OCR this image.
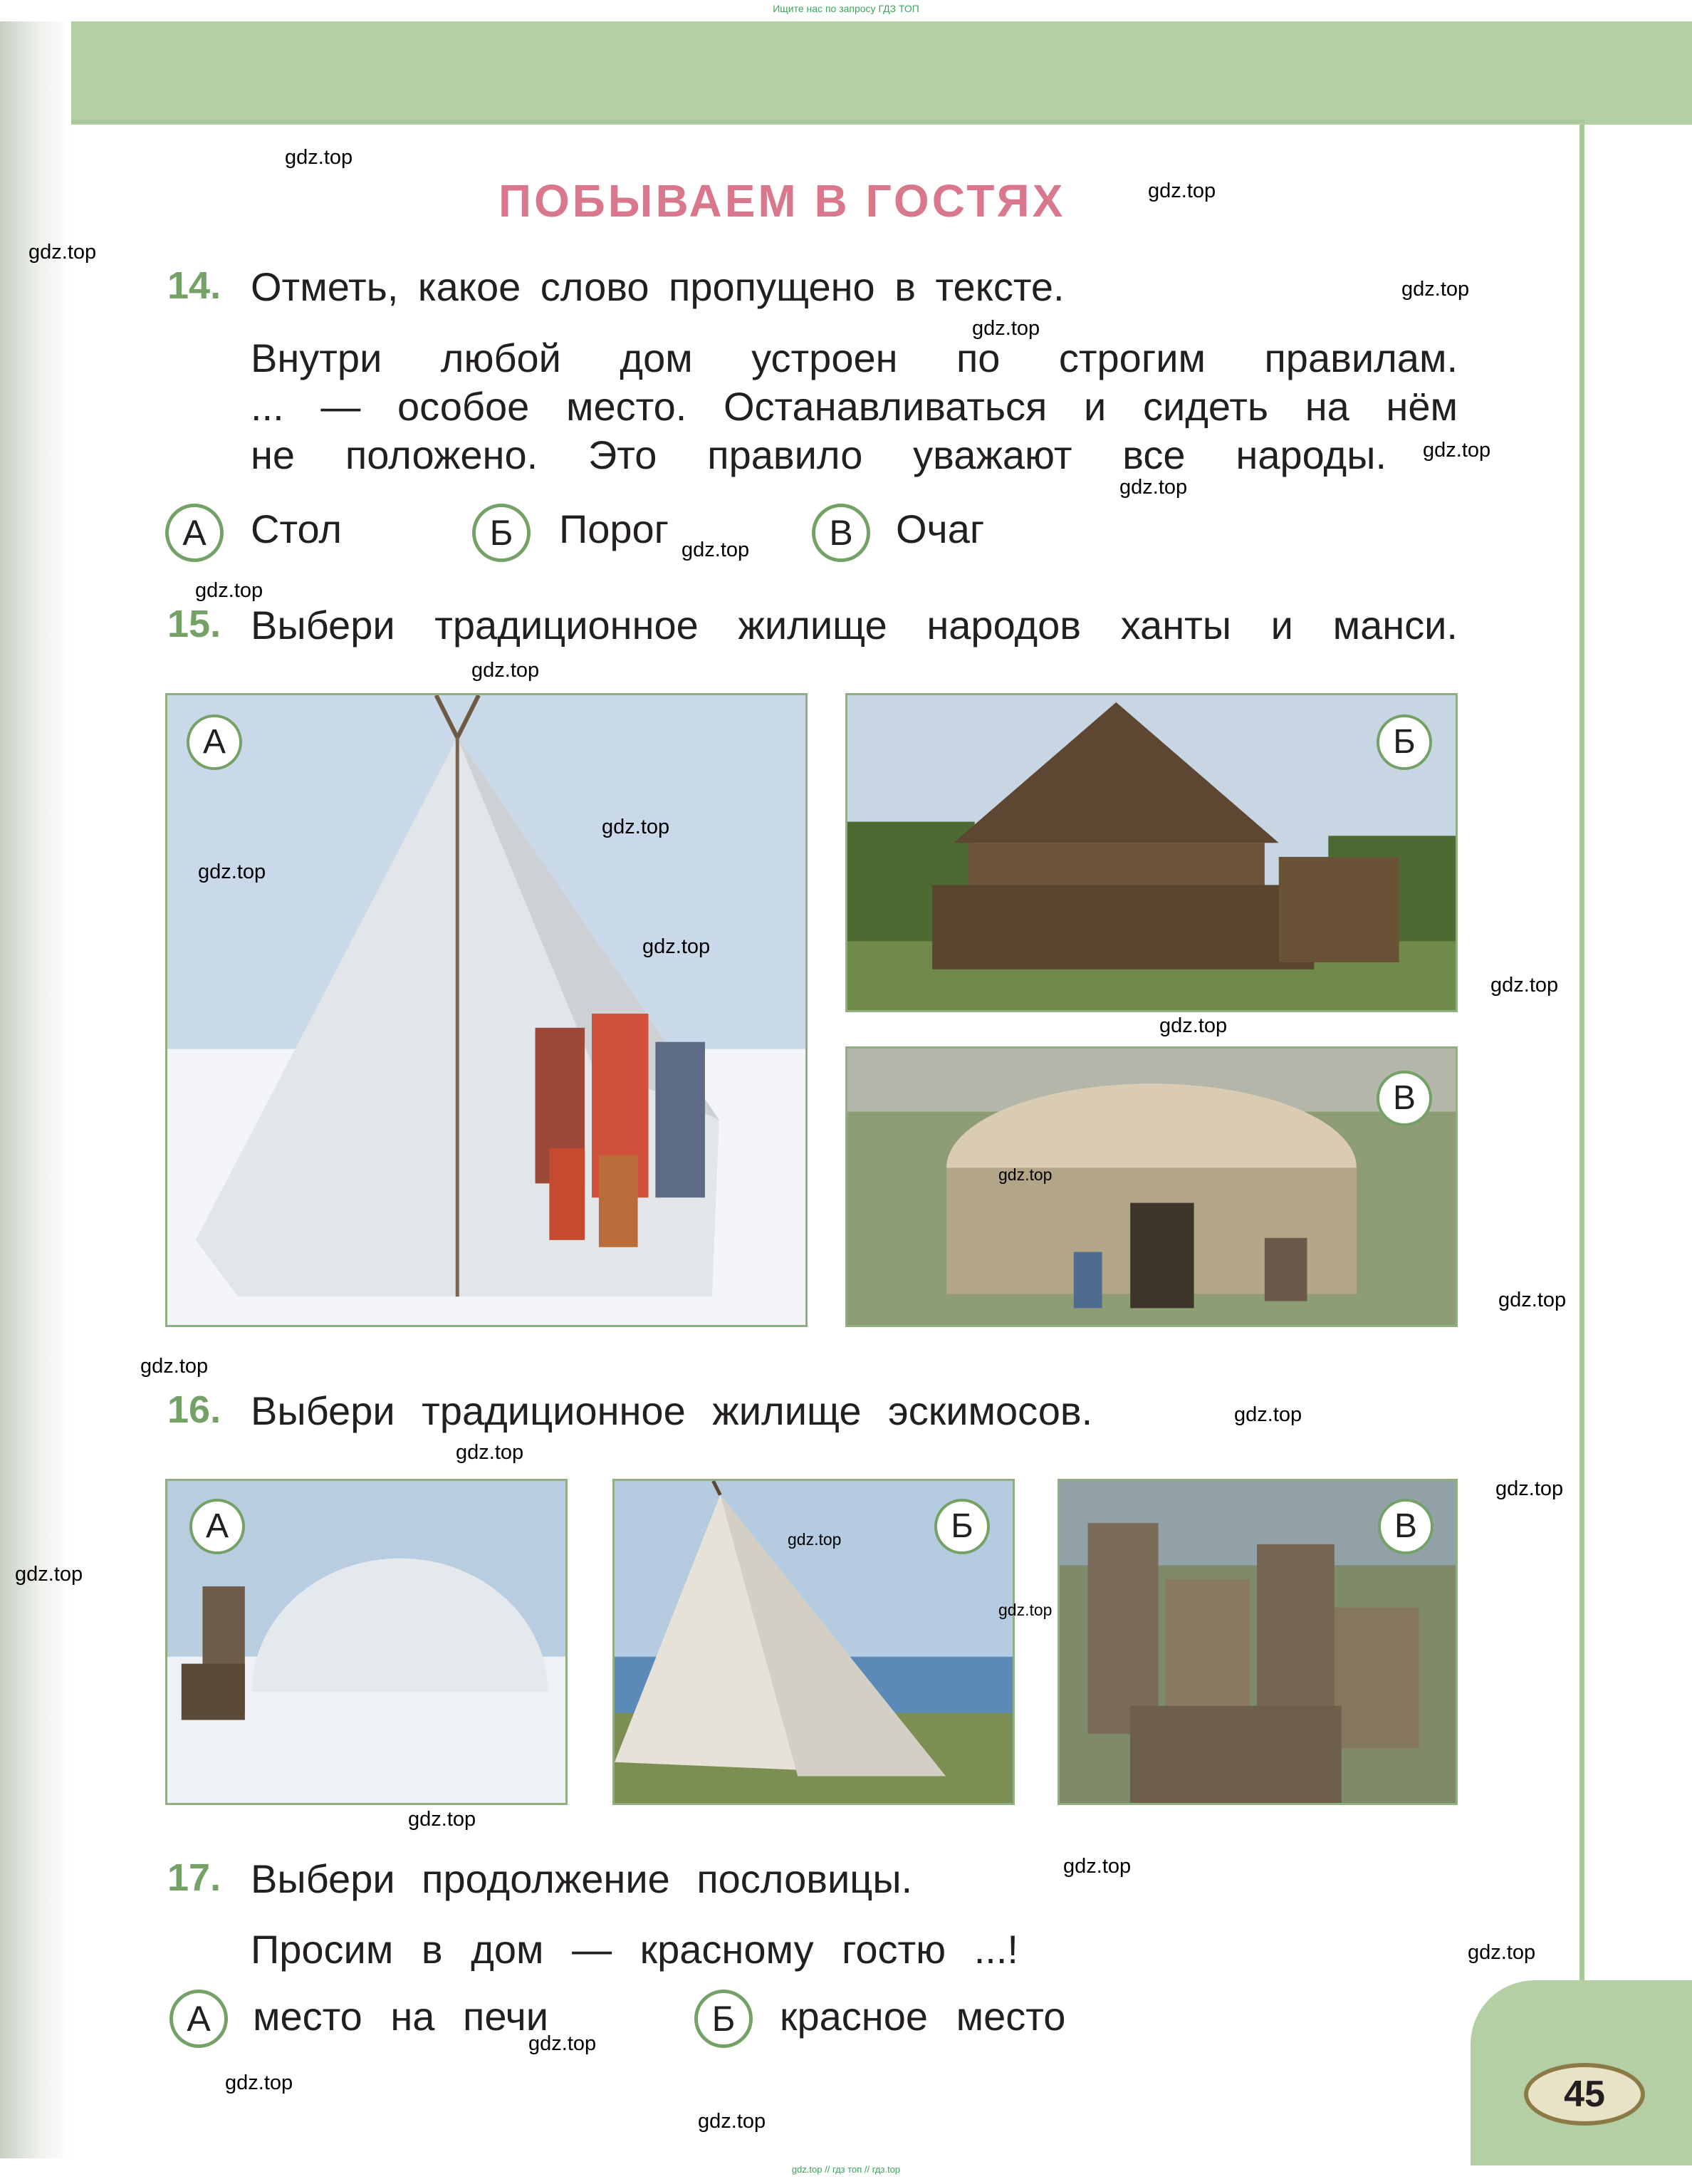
Ищите нас по запросу ГДЗ ТОП
45
gdz.top // гдз топ // гдз.top
ПОБЫВАЕМ В ГОСТЯХ
14. Отметь, какое слово пропущено в тексте.
Внутри любой дом устроен по строгим правилам.
... — особое место. Останавливаться и сидеть на нём
не положено. Это правило уважают все народы.
А	Стол	Б	Порог	В	Очаг
15. Выбери традиционное жилище народов ханты и манси.
А	Б
В
16. Выбери традиционное жилище эскимосов.
А	Б	В
17. Выбери продолжение пословицы.
Просим в дом — красному гостю ...!
А	место на печи	Б	красное место
gdz.top
gdz.top
gdz.top
gdz.top
gdz.top
gdz.top
gdz.top
gdz.top
gdz.top
gdz.top
gdz.top
gdz.top
gdz.top
gdz.top
gdz.top
gdz.top
gdz.top
gdz.top
gdz.top
gdz.top
gdz.top
gdz.top
gdz.top
gdz.top
gdz.top
gdz.top
gdz.top
gdz.top
gdz.top
gdz.top
